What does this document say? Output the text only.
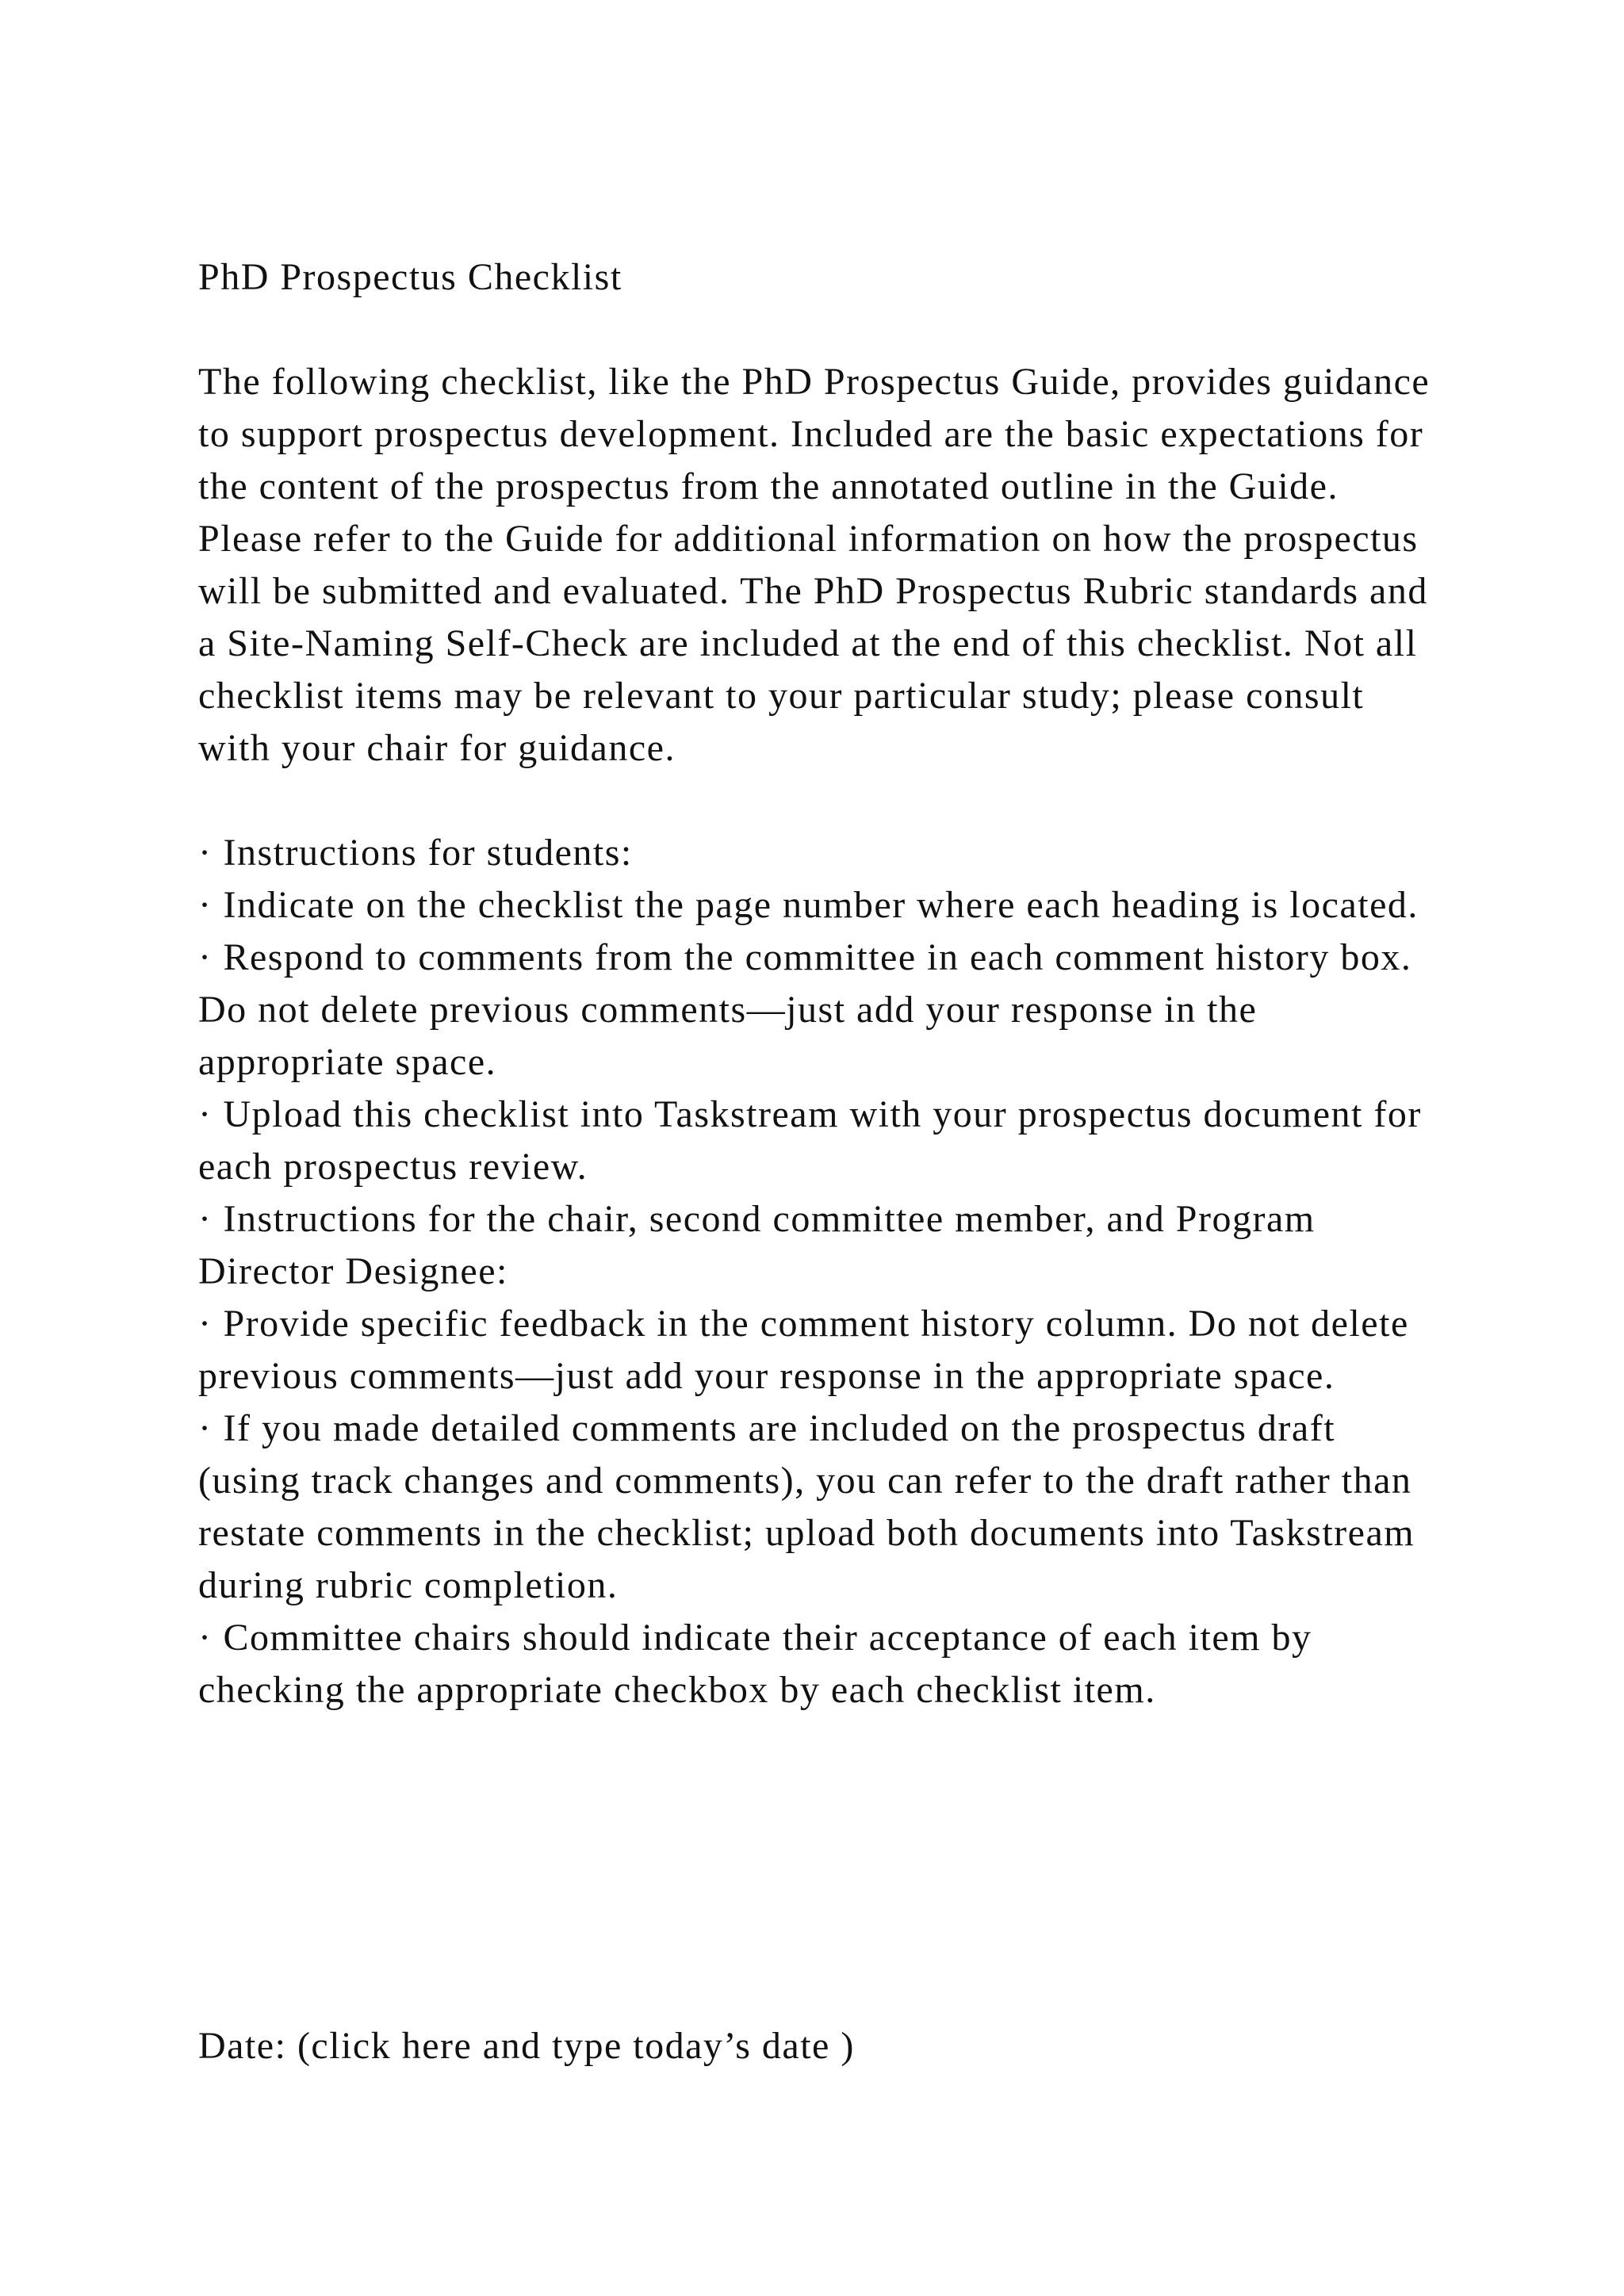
PhD Prospectus Checklist

The following checklist, like the PhD Prospectus Guide, provides guidance to support prospectus development. Included are the basic expectations for the content of the prospectus from the annotated outline in the Guide. Please refer to the Guide for additional information on how the prospectus will be submitted and evaluated. The PhD Prospectus Rubric standards and a Site-Naming Self-Check are included at the end of this checklist. Not all checklist items may be relevant to your particular study; please consult with your chair for guidance.

· Instructions for students:
· Indicate on the checklist the page number where each heading is located.
· Respond to comments from the committee in each comment history box. Do not delete previous comments—just add your response in the appropriate space.
· Upload this checklist into Taskstream with your prospectus document for each prospectus review.
· Instructions for the chair, second committee member, and Program Director Designee:
· Provide specific feedback in the comment history column. Do not delete previous comments—just add your response in the appropriate space.
· If you made detailed comments are included on the prospectus draft (using track changes and comments), you can refer to the draft rather than restate comments in the checklist; upload both documents into Taskstream during rubric completion.
· Committee chairs should indicate their acceptance of each item by checking the appropriate checkbox by each checklist item.

Date: (click here and type today’s date )
